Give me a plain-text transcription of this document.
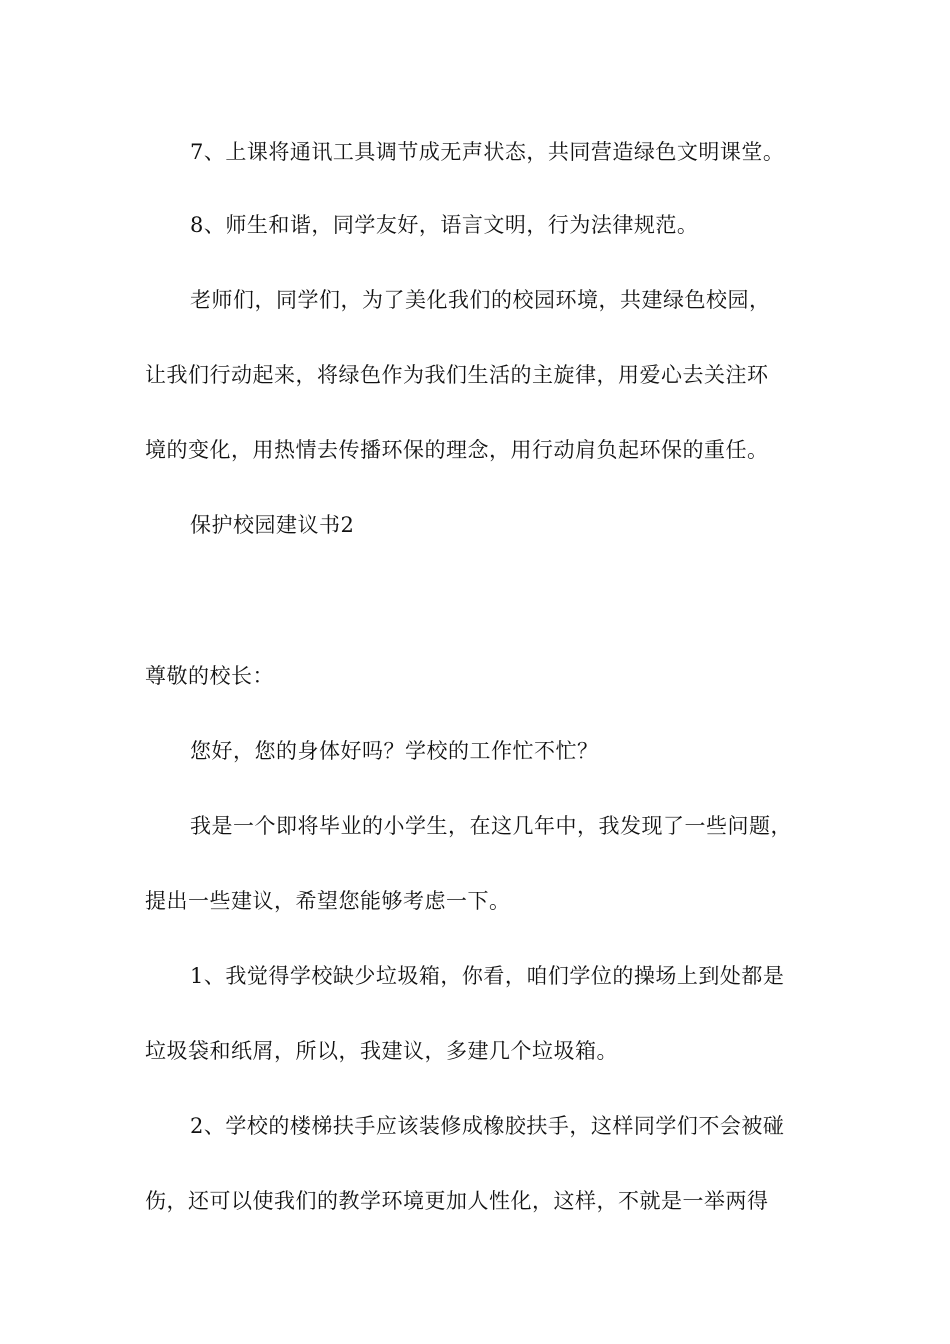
7、上课将通讯工具调节成无声状态，共同营造绿色文明课堂。
8、师生和谐，同学友好，语言文明，行为法律规范。
老师们，同学们，为了美化我们的校园环境，共建绿色校园，
让我们行动起来，将绿色作为我们生活的主旋律，用爱心去关注环
境的变化，用热情去传播环保的理念，用行动肩负起环保的重任。
保护校园建议书2
尊敬的校长：
您好，您的身体好吗？学校的工作忙不忙？
我是一个即将毕业的小学生，在这几年中，我发现了一些问题，
提出一些建议，希望您能够考虑一下。
1、我觉得学校缺少垃圾箱，你看，咱们学位的操场上到处都是
垃圾袋和纸屑，所以，我建议，多建几个垃圾箱。
2、学校的楼梯扶手应该装修成橡胶扶手，这样同学们不会被碰
伤，还可以使我们的教学环境更加人性化，这样，不就是一举两得
